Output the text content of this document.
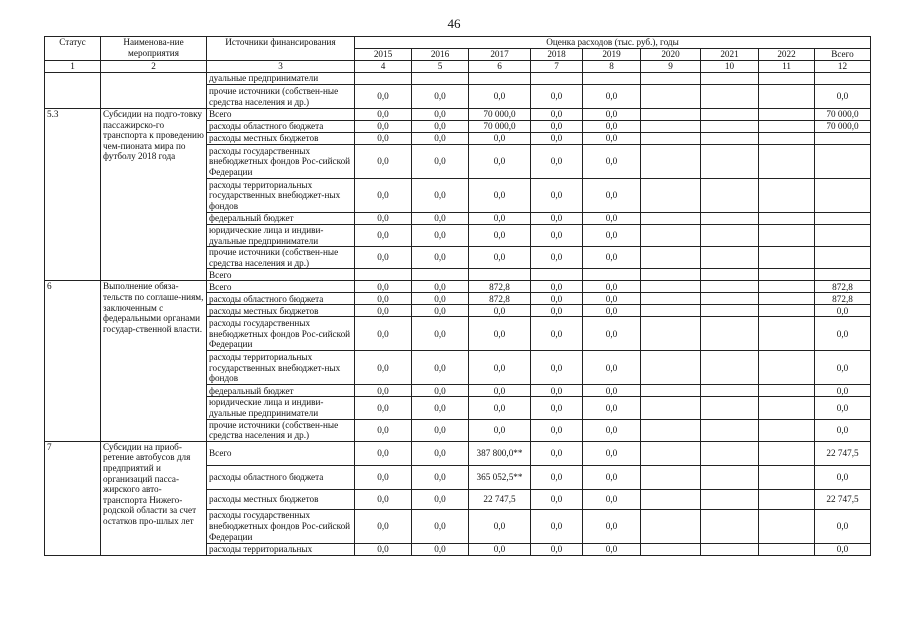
46
Статус	Наименова-ние мероприятия	Источники финансирования	Оценка расходов (тыс. руб.), годы								
			2015	2016	2017	2018	2019	2020	2021	2022	Всего
1	2	3	4	5	6	7	8	9	10	11	12
		дуальные предприниматели									
		прочие источники (собствен-ные средства населения и др.)	0,0	0,0	0,0	0,0	0,0				0,0
5.3	Субсидии на подго-товку пассажирско-го транспорта к проведению чем-пионата мира по футболу 2018 года	Всего	0,0	0,0	70 000,0	0,0	0,0				70 000,0
		расходы областного бюджета	0,0	0,0	70 000,0	0,0	0,0				70 000,0
		расходы местных бюджетов	0,0	0,0	0,0	0,0	0,0				
		расходы государственных внебюджетных фондов Рос-сийской Федерации	0,0	0,0	0,0	0,0	0,0				
		расходы территориальных государственных внебюджет-ных фондов	0,0	0,0	0,0	0,0	0,0				
		федеральный бюджет	0,0	0,0	0,0	0,0	0,0				
		юридические лица и индиви-дуальные предприниматели	0,0	0,0	0,0	0,0	0,0				
		прочие источники (собствен-ные средства населения и др.)	0,0	0,0	0,0	0,0	0,0				
		Всего									
6	Выполнение обяза-тельств по соглаше-ниям, заключенным с федеральными органами государ-ственной власти.	Всего	0,0	0,0	872,8	0,0	0,0				872,8
		расходы областного бюджета	0,0	0,0	872,8	0,0	0,0				872,8
		расходы местных бюджетов	0,0	0,0	0,0	0,0	0,0				0,0
		расходы государственных внебюджетных фондов Рос-сийской Федерации	0,0	0,0	0,0	0,0	0,0				0,0
		расходы территориальных государственных внебюджет-ных фондов	0,0	0,0	0,0	0,0	0,0				0,0
		федеральный бюджет	0,0	0,0	0,0	0,0	0,0				0,0
		юридические лица и индиви-дуальные предприниматели	0,0	0,0	0,0	0,0	0,0				0,0
		прочие источники (собствен-ные средства населения и др.)	0,0	0,0	0,0	0,0	0,0				0,0
7	Субсидии на приоб-ретение автобусов для предприятий и организаций пасса-жирского авто-транспорта Нижего-родской области за счет остатков про-шлых лет	Всего	0,0	0,0	387 800,0**	0,0	0,0				22 747,5
		расходы областного бюджета	0,0	0,0	365 052,5**	0,0	0,0				0,0
		расходы местных бюджетов	0,0	0,0	22 747,5	0,0	0,0				22 747,5
		расходы государственных внебюджетных фондов Рос-сийской Федерации	0,0	0,0	0,0	0,0	0,0				0,0
		расходы территориальных	0,0	0,0	0,0	0,0	0,0				0,0
